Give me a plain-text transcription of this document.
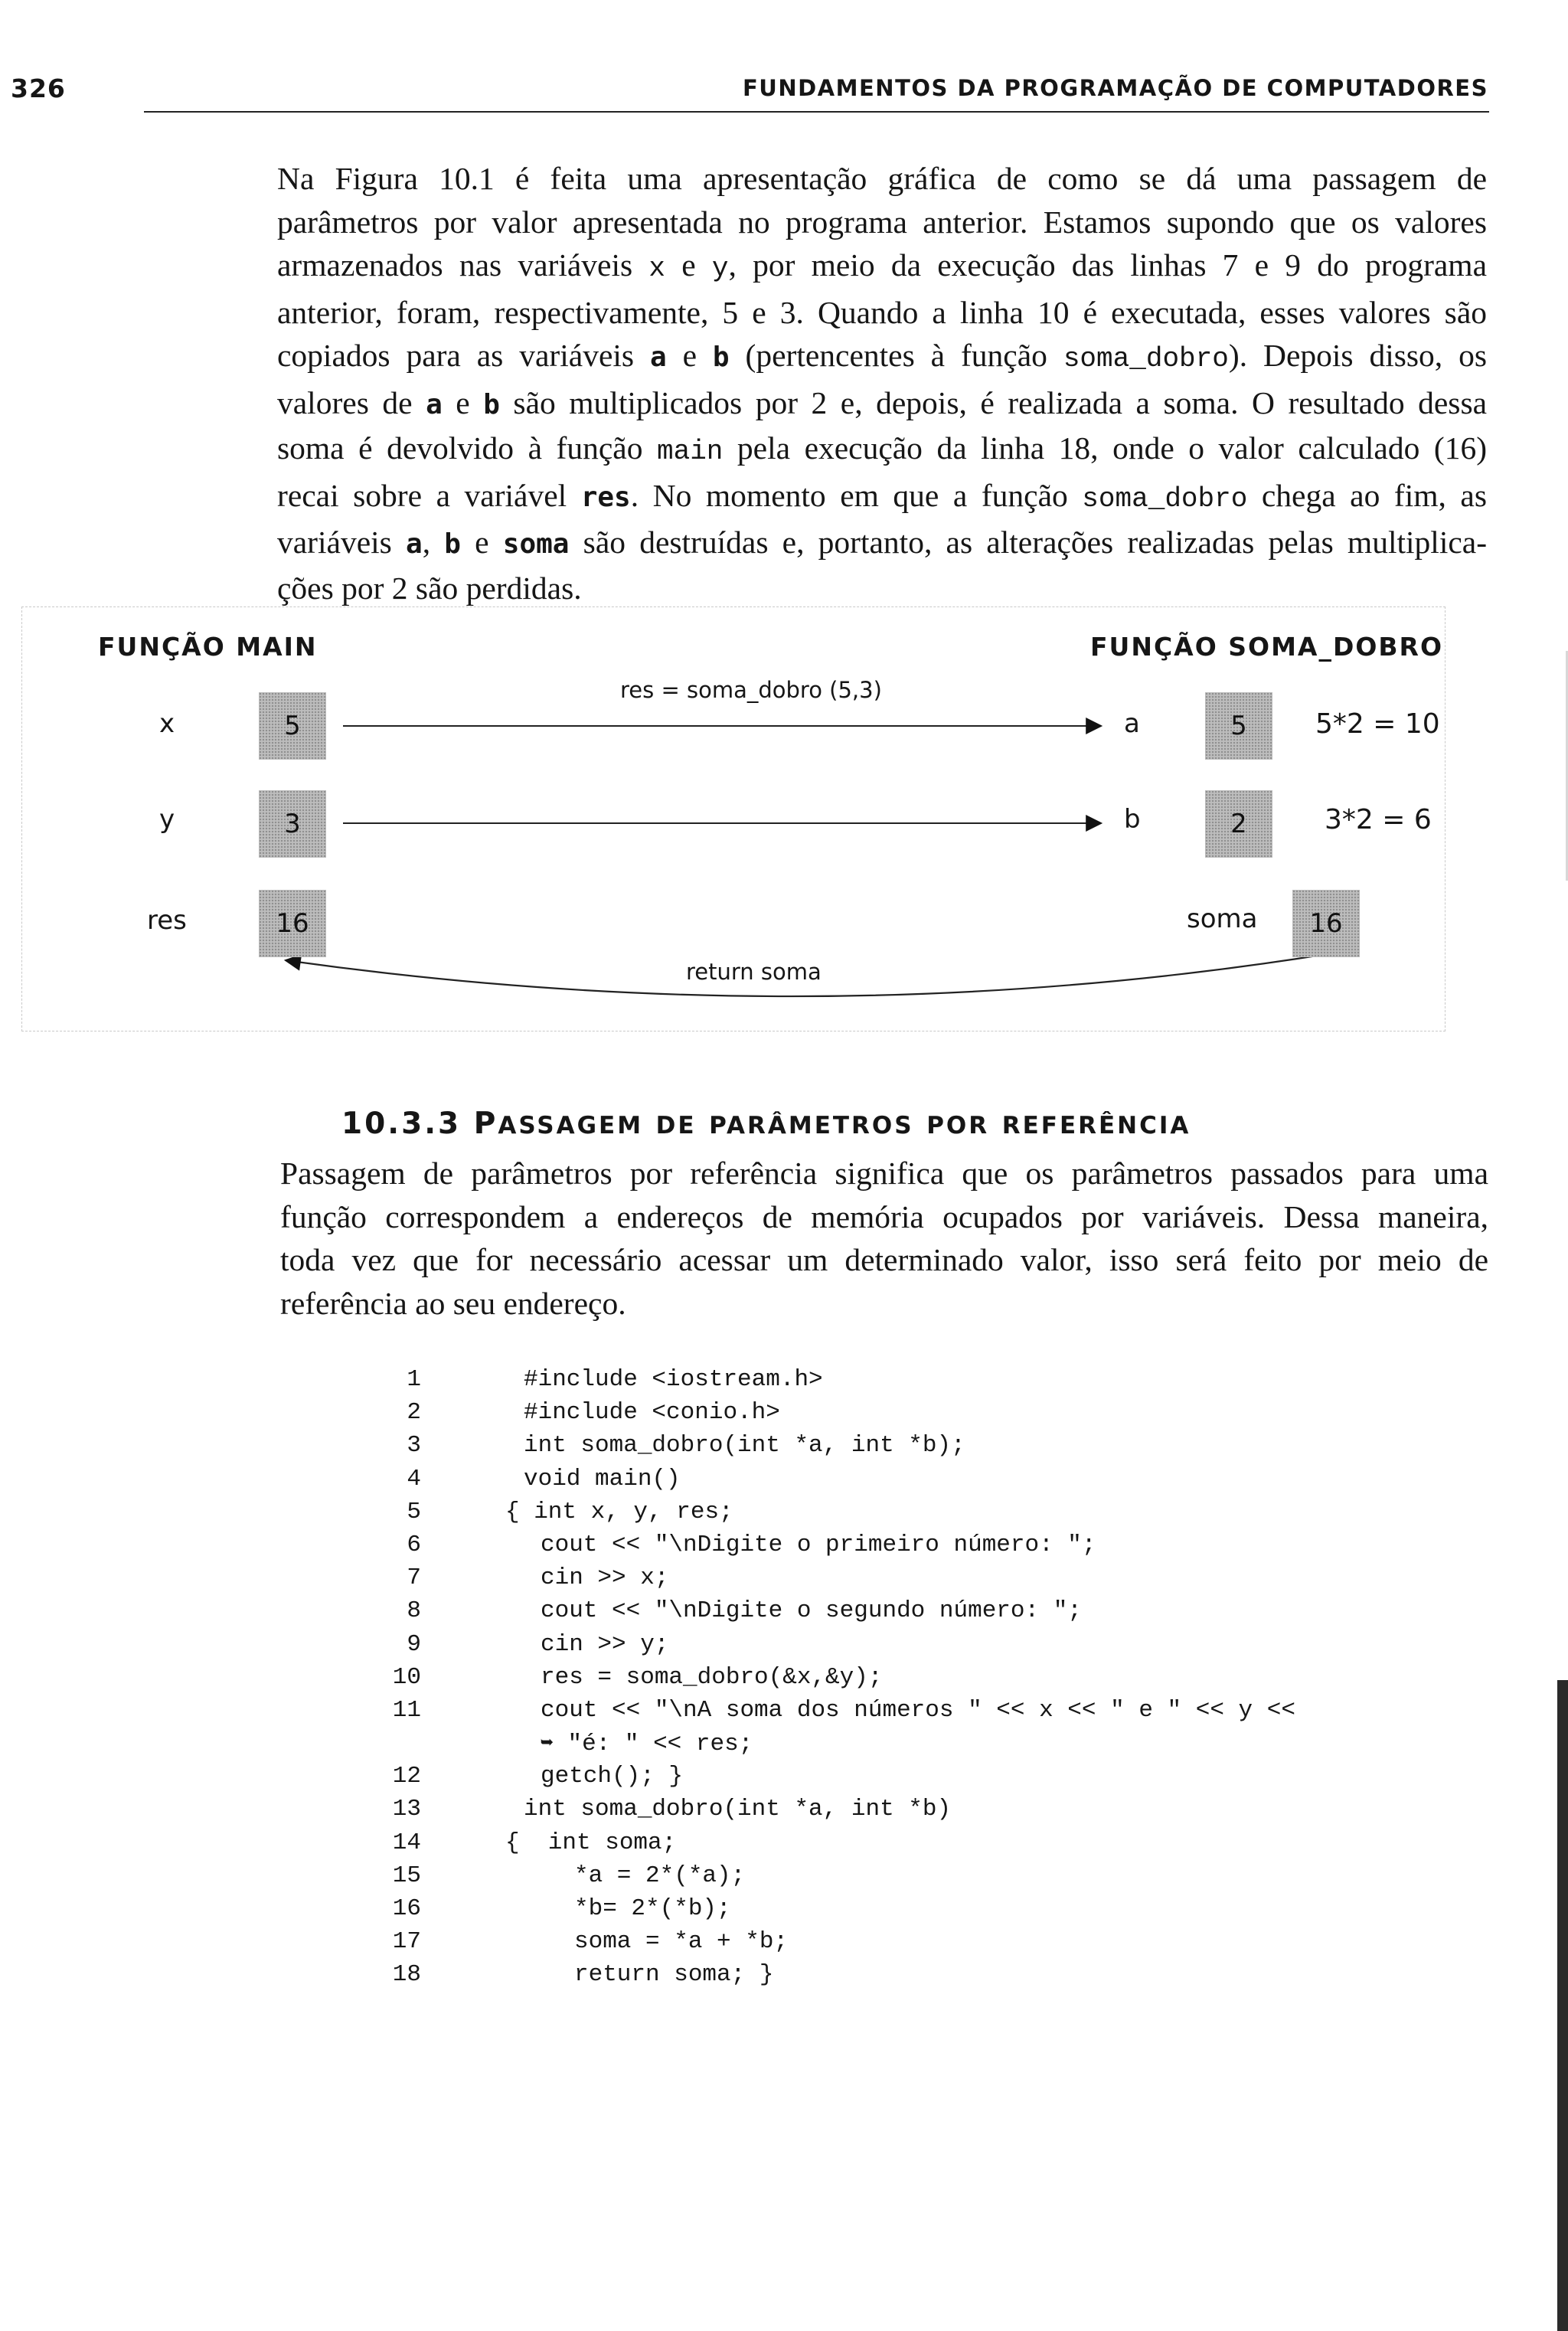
326	FUNDAMENTOS DA PROGRAMAÇÃO DE COMPUTADORES
Na Figura 10.1 é feita uma apresentação gráfica de como se dá uma passagem de
parâmetros por valor apresentada no programa anterior. Estamos supondo que os valores
armazenados nas variáveis x e y, por meio da execução das linhas 7 e 9 do programa
anterior, foram, respectivamente, 5 e 3. Quando a linha 10 é executada, esses valores são
copiados para as variáveis a e b (pertencentes à função soma_dobro). Depois disso, os
valores de a e b são multiplicados por 2 e, depois, é realizada a soma. O resultado dessa
soma é devolvido à função main pela execução da linha 18, onde o valor calculado (16)
recai sobre a variável res. No momento em que a função soma_dobro chega ao fim, as
variáveis a, b e soma são destruídas e, portanto, as alterações realizadas pelas multiplica-
ções por 2 são perdidas.
FUNÇÃO MAIN	FUNÇÃO SOMA_DOBRO
res = soma_dobro (5,3)
return soma
x	5
y	3
res	16
a	5	5*2 = 10
b	2	3*2 = 6
soma	16
10.3.3 PASSAGEM DE PARÂMETROS POR REFERÊNCIA
Passagem de parâmetros por referência significa que os parâmetros passados para uma
função correspondem a endereços de memória ocupados por variáveis. Dessa maneira,
toda vez que for necessário acessar um determinado valor, isso será feito por meio de
referência ao seu endereço.
1	#include <iostream.h>
2	#include <conio.h>
3	int soma_dobro(int *a, int *b);
4	void main()
5	{ int x, y, res;
6	cout << "\nDigite o primeiro número: ";
7	cin >> x;
8	cout << "\nDigite o segundo número: ";
9	cin >> y;
10	res = soma_dobro(&x,&y);
11	cout << "\nA soma dos números " << x << " e " << y <<
➥ "é: " << res;
12	getch(); }
13	int soma_dobro(int *a, int *b)
14	{  int soma;
15	*a = 2*(*a);
16	*b= 2*(*b);
17	soma = *a + *b;
18	return soma; }
